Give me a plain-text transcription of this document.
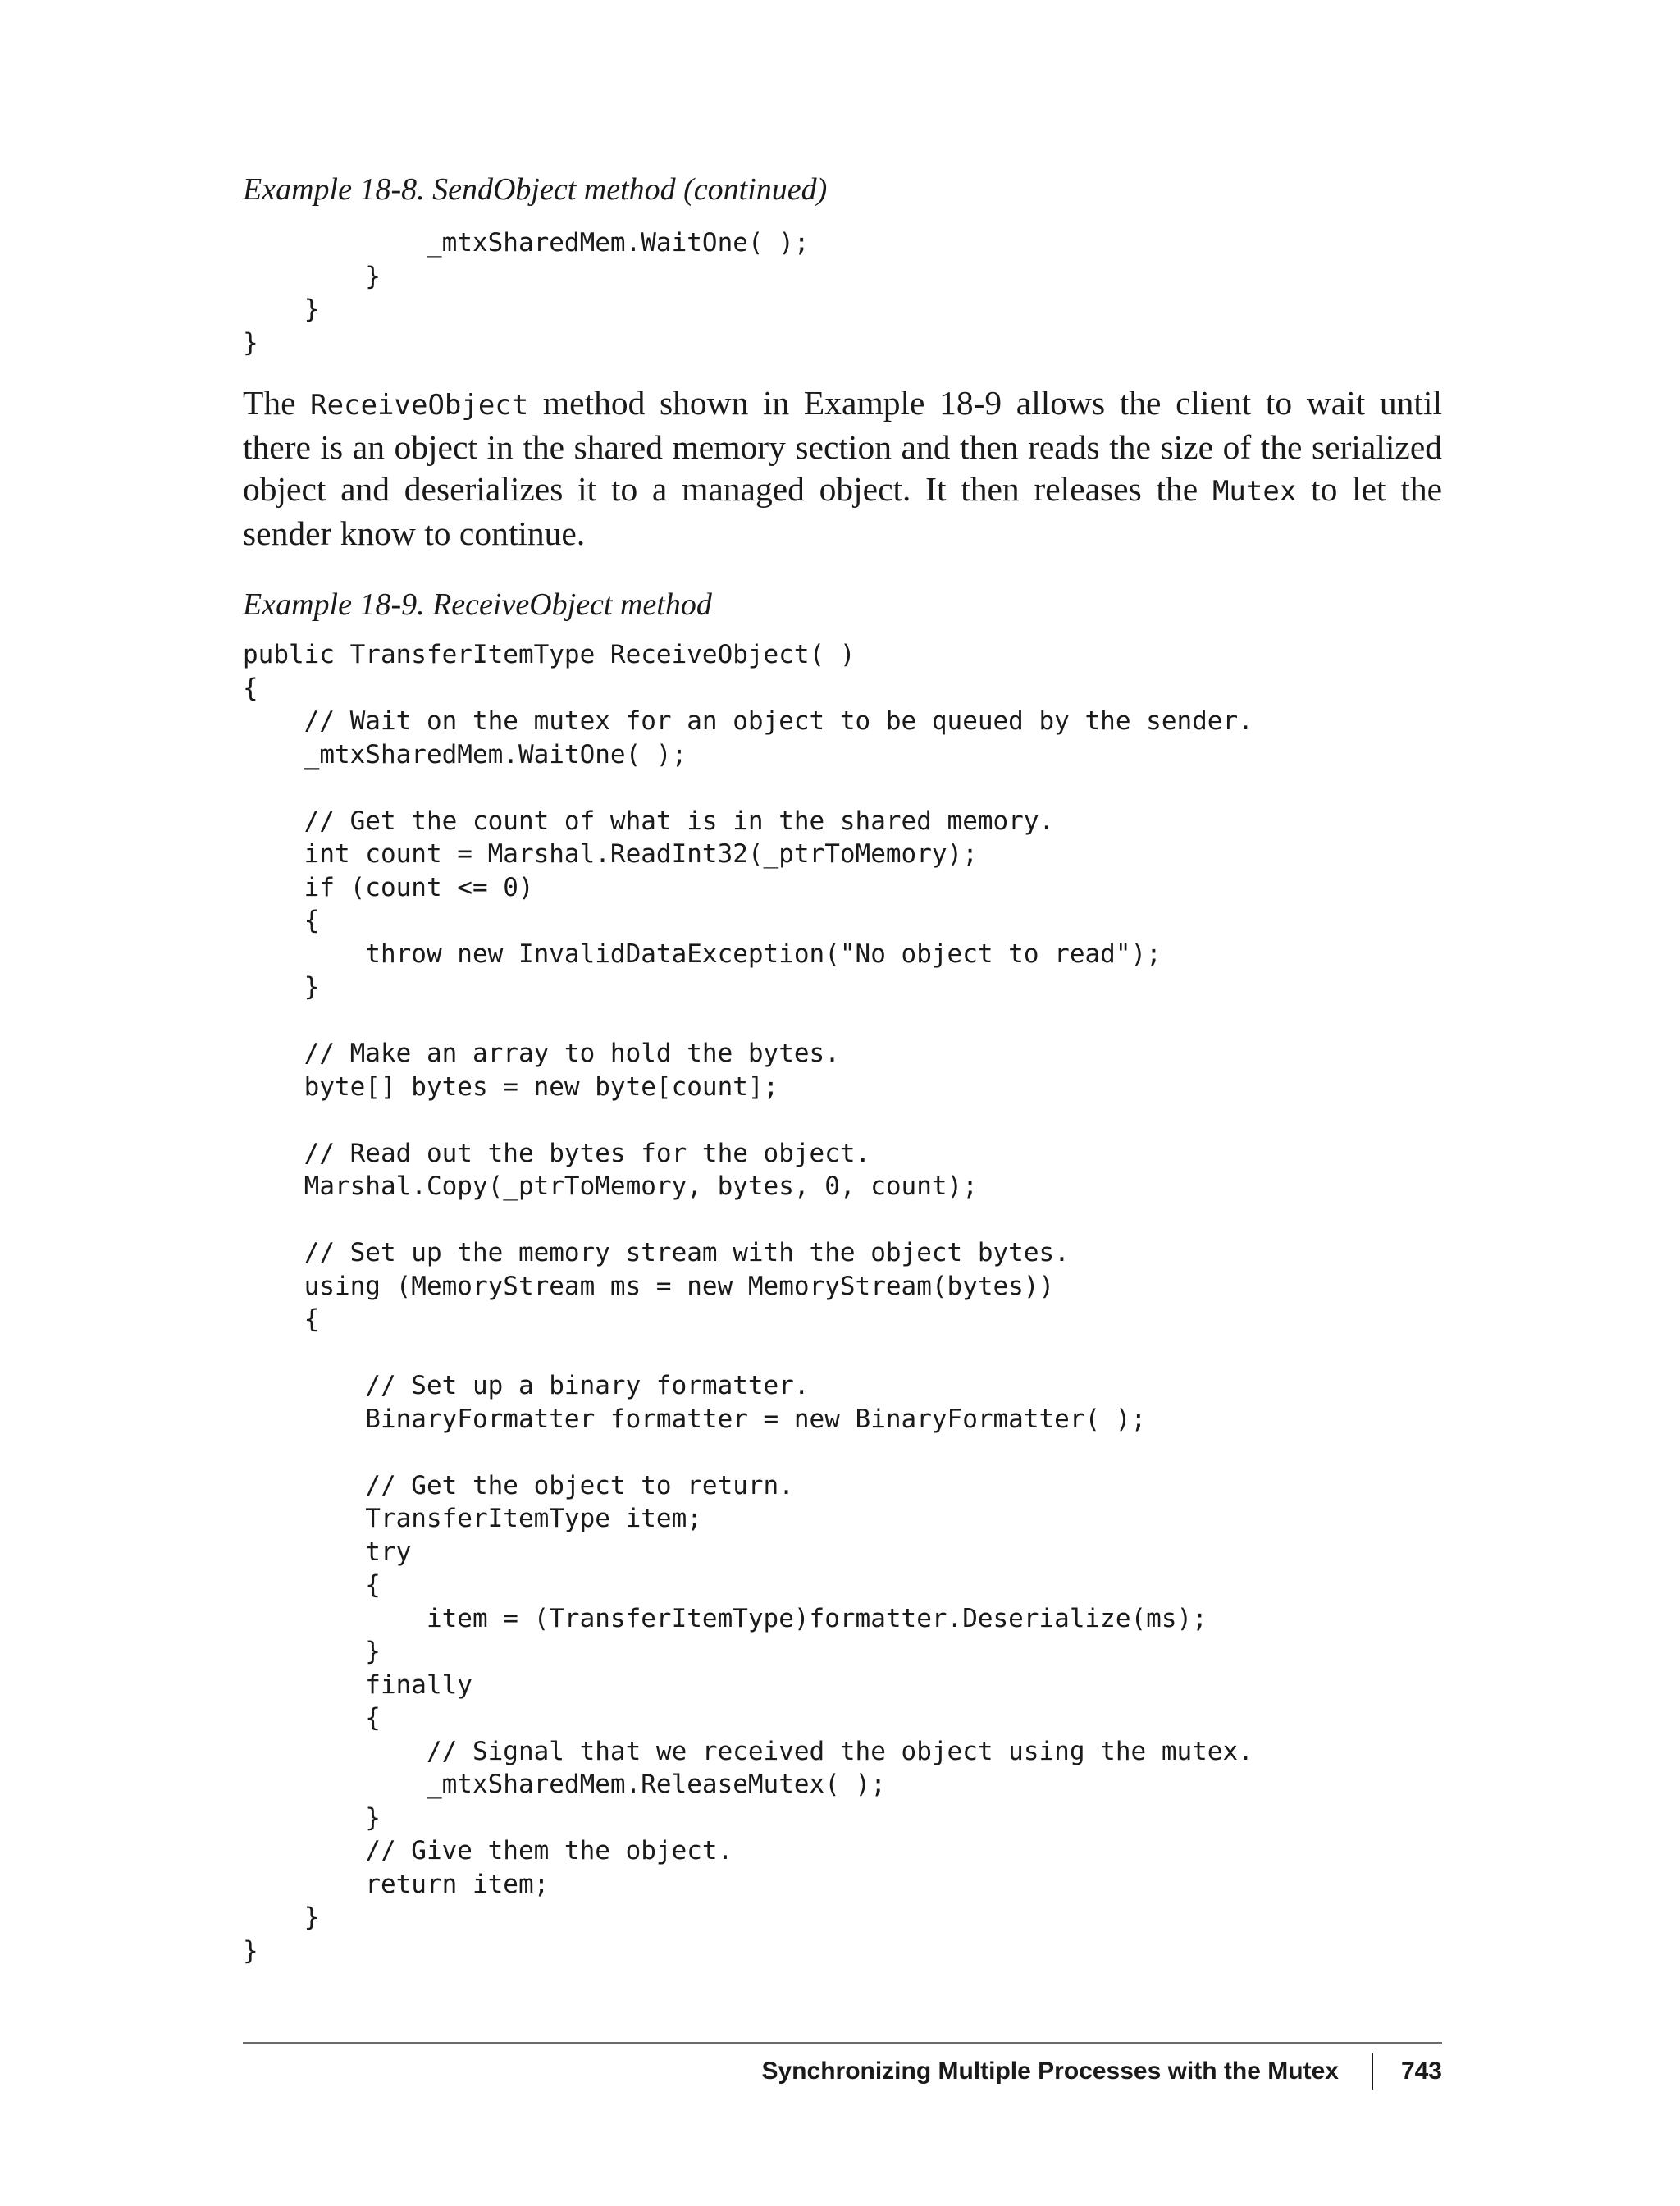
Example 18-8. SendObject method (continued)
_mtxSharedMem.WaitOne( );
}
}
}

The ReceiveObject method shown in Example 18-9 allows the client to wait until there is an object in the shared memory section and then reads the size of the serialized object and deserializes it to a managed object. It then releases the Mutex to let the sender know to continue.

Example 18-9. ReceiveObject method
public TransferItemType ReceiveObject( )
{
// Wait on the mutex for an object to be queued by the sender.
_mtxSharedMem.WaitOne( );
// Get the count of what is in the shared memory.
int count = Marshal.ReadInt32(_ptrToMemory);
if (count <= 0)
{
throw new InvalidDataException("No object to read");
}
// Make an array to hold the bytes.
byte[] bytes = new byte[count];
// Read out the bytes for the object.
Marshal.Copy(_ptrToMemory, bytes, 0, count);
// Set up the memory stream with the object bytes.
using (MemoryStream ms = new MemoryStream(bytes))
{
// Set up a binary formatter.
BinaryFormatter formatter = new BinaryFormatter( );
// Get the object to return.
TransferItemType item;
try
{
item = (TransferItemType)formatter.Deserialize(ms);
}
finally
{
// Signal that we received the object using the mutex.
_mtxSharedMem.ReleaseMutex( );
}
// Give them the object.
return item;
}
}
Synchronizing Multiple Processes with the Mutex	743
